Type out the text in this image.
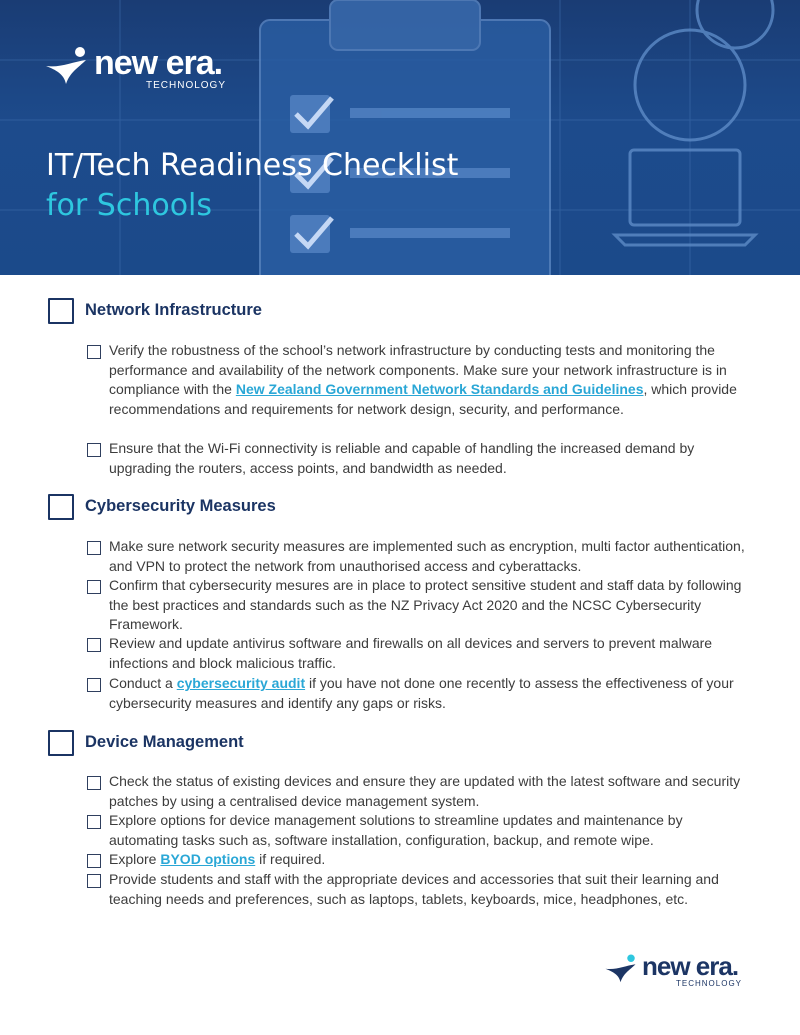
new era.
TECHNOLOGY
IT/Tech Readiness Checklist
for Schools
Network Infrastructure
Verify the robustness of the school’s network infrastructure by conducting tests and monitoring the performance and availability of the network components. Make sure your network infrastructure is in compliance with the New Zealand Government Network Standards and Guidelines, which provide recommendations and requirements for network design, security, and performance.
Ensure that the Wi-Fi connectivity is reliable and capable of handling the increased demand by upgrading the routers, access points, and bandwidth as needed.
Cybersecurity Measures
Make sure network security measures are implemented such as encryption, multi factor authentication, and VPN to protect the network from unauthorised access and cyberattacks.
Confirm that cybersecurity mesures are in place to protect sensitive student and staff data by following the best practices and standards such as the NZ Privacy Act 2020 and the NCSC Cybersecurity Framework.
Review and update antivirus software and firewalls on all devices and servers to prevent malware infections and block malicious traffic.
Conduct a cybersecurity audit if you have not done one recently to assess the effectiveness of your cybersecurity measures and identify any gaps or risks.
Device Management
Check the status of existing devices and ensure they are updated with the latest software and security patches by using a centralised device management system.
Explore options for device management solutions to streamline updates and maintenance by automating tasks such as, software installation, configuration, backup, and remote wipe.
Explore BYOD options if required.
Provide students and staff with the appropriate devices and accessories that suit their learning and teaching needs and preferences, such as laptops, tablets, keyboards, mice, headphones, etc.
new era.
TECHNOLOGY
